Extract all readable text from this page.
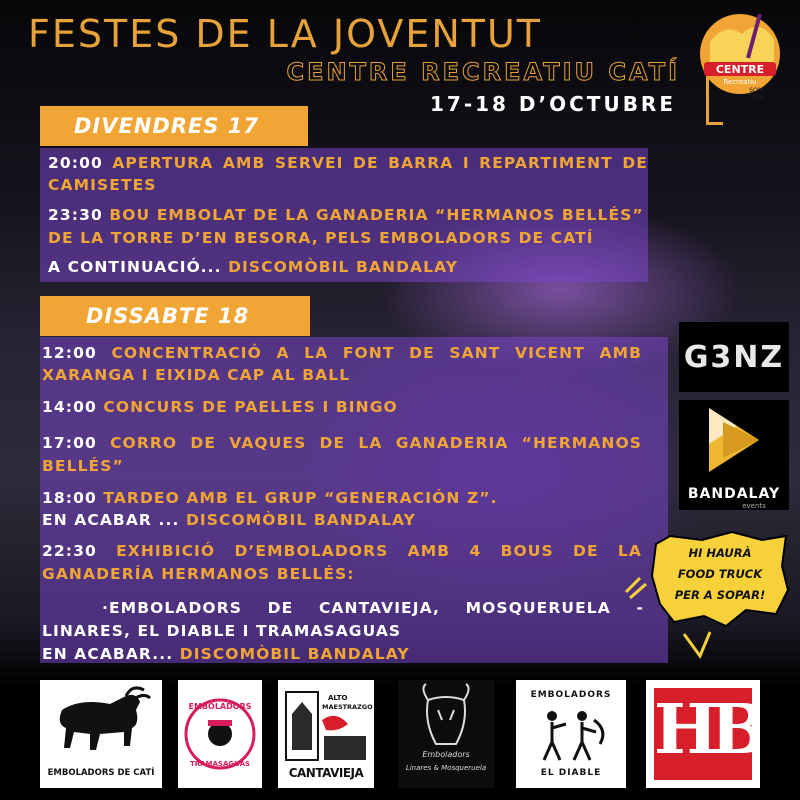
FESTES DE LA JOVENTUT
CENTRE RECREATIU CATÍ
17-18 D’OCTUBRE
CENTRE
Recreatiu
SOM
TOTS
DIVENDRES 17
20:00 APERTURA AMB SERVEI DE BARRA I REPARTIMENT DE
CAMISETES
23:30 BOU EMBOLAT DE LA GANADERIA “HERMANOS BELLÉS”
DE LA TORRE D’EN BESORA, PELS EMBOLADORS DE CATÍ
A CONTINUACIÓ... DISCOMÒBIL BANDALAY
DISSABTE 18
12:00 CONCENTRACIÓ A LA FONT DE SANT VICENT AMB
XARANGA I EIXIDA CAP AL BALL
14:00 CONCURS DE PAELLES I BINGO
17:00 CORRO DE VAQUES DE LA GANADERIA “HERMANOS
BELLÉS”
18:00 TARDEO AMB EL GRUP “GENERACIÓN Z”.
EN ACABAR ... DISCOMÒBIL BANDALAY
22:30 EXHIBICIÓ D’EMBOLADORS AMB 4 BOUS DE LA
GANADERÍA HERMANOS BELLÉS:
·EMBOLADORS DE CANTAVIEJA, MOSQUERUELA -
LINARES, EL DIABLE I TRAMASAGUAS
EN ACABAR... DISCOMÒBIL BANDALAY
G3NZ
BANDALAY
events
HI HAURÀ
FOOD TRUCK
PER A SOPAR!
EMBOLADORS DE CATÍ
EMBOLADORS
TRAMASAGUAS
ALTO
MAESTRAZGO
CANTAVIEJA
Emboladors
Linares & Mosqueruela
EMBOLADORS
EL DIABLE
HB
